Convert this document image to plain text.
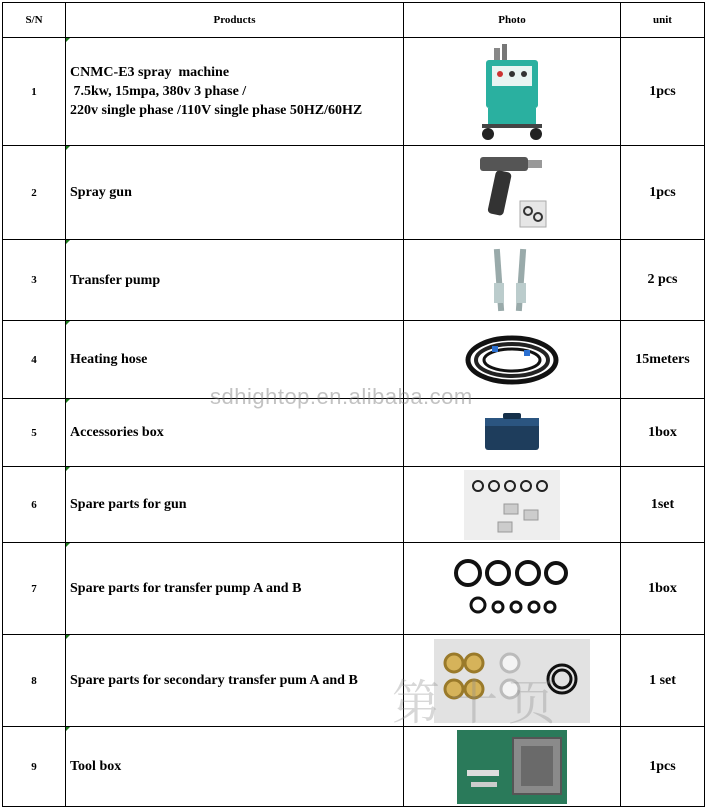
S/N	Products	Photo	unit
1	CNMC-E3 spray  machine
7.5kw, 15mpa, 380v 3 phase /
220v single phase /110V single phase 50HZ/60HZ		1pcs
2	Spray gun		1pcs
3	Transfer pump		2 pcs
4	Heating hose		15meters
5	Accessories box		1box
6	Spare parts for gun		1set
7	Spare parts for transfer pump A and B		1box
8	Spare parts for secondary transfer pum A and B		1 set
9	Tool box		1pcs
sdhightop.en.alibaba.com
第十页
